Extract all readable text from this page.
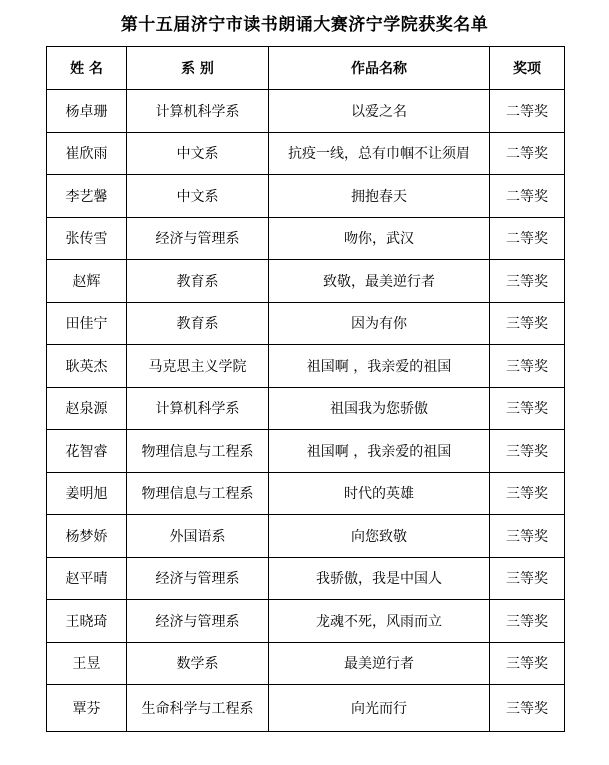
第十五届济宁市读书朗诵大赛济宁学院获奖名单
姓 名	系 别	作品名称	奖项
杨卓珊	计算机科学系	以爱之名	二等奖
崔欣雨	中文系	抗疫一线，总有巾帼不让须眉	二等奖
李艺馨	中文系	拥抱春天	二等奖
张传雪	经济与管理系	吻你，武汉	二等奖
赵辉	教育系	致敬，最美逆行者	三等奖
田佳宁	教育系	因为有你	三等奖
耿英杰	马克思主义学院	祖国啊 ，我亲爱的祖国	三等奖
赵泉源	计算机科学系	祖国我为您骄傲	三等奖
花智睿	物理信息与工程系	祖国啊 ，我亲爱的祖国	三等奖
姜明旭	物理信息与工程系	时代的英雄	三等奖
杨梦娇	外国语系	向您致敬	三等奖
赵平晴	经济与管理系	我骄傲，我是中国人	三等奖
王晓琦	经济与管理系	龙魂不死，风雨而立	三等奖
王昱	数学系	最美逆行者	三等奖
覃芬	生命科学与工程系	向光而行	三等奖
